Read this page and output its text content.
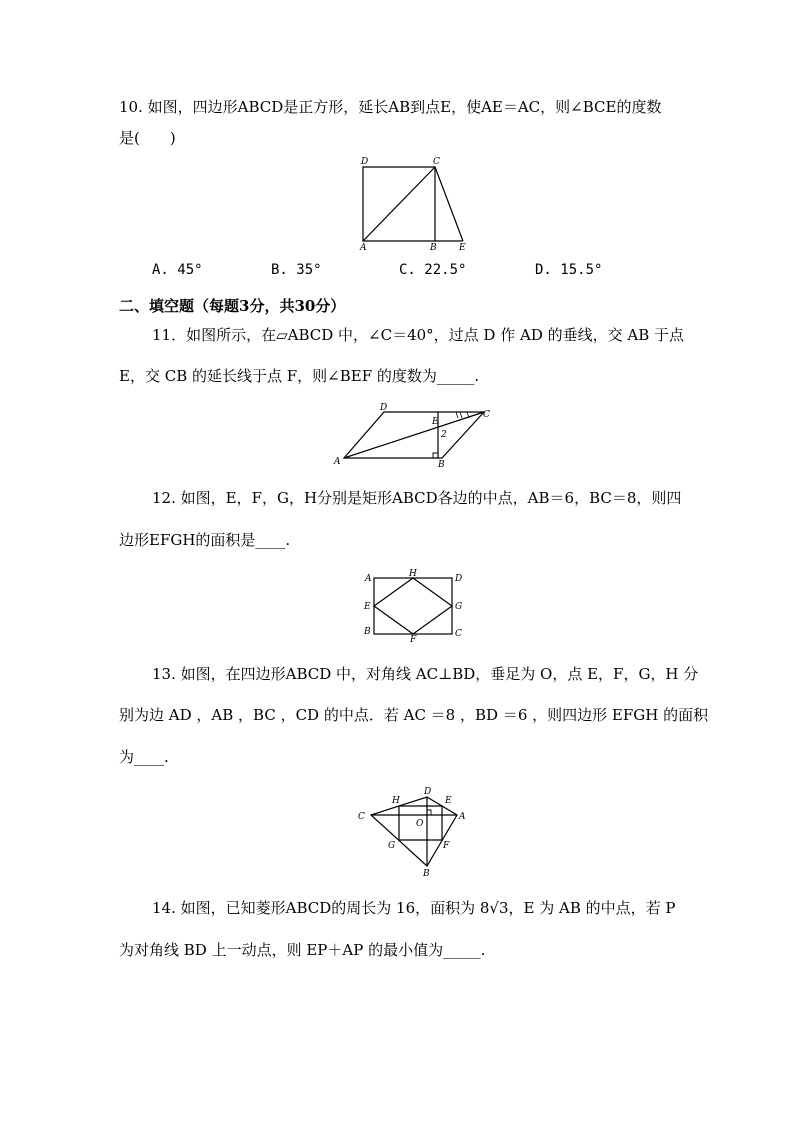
10. 如图，四边形ABCD是正方形，延长AB到点E，使AE＝AC，则∠BCE的度数
是(　　)
D	C
A	B E
A. 45°	B. 35°	C. 22.5°	D. 15.5°
二、填空题（每题3分，共30分）
11．如图所示，在▱ABCD 中，∠C＝40°，过点 D 作 AD 的垂线，交 AB 于点
E，交 CB 的延长线于点 F，则∠BEF 的度数为_____.
D
E
C
A	B
2
12. 如图，E，F，G，H分别是矩形ABCD各边的中点，AB＝6，BC＝8，则四
边形EFGH的面积是____.
A	H	D
E	G
B
F
C
13. 如图，在四边形ABCD 中，对角线 AC⊥BD，垂足为 O，点 E，F，G，H 分
别为边 AD ，AB ，BC ，CD 的中点．若 AC ＝8 ，BD ＝6 ，则四边形 EFGH 的面积
为____.
H
D
E
C
O
A
G	F
B
14. 如图，已知菱形ABCD的周长为 16，面积为 8√3，E 为 AB 的中点，若 P
为对角线 BD 上一动点，则 EP＋AP 的最小值为_____.
